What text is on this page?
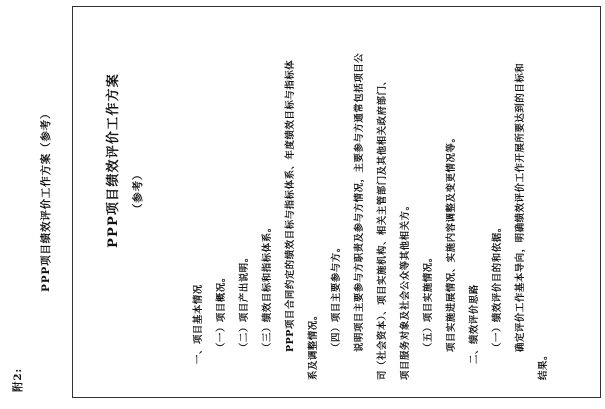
附2:
PPP项目绩效评价工作方案（参考）	PPP项目绩效评价工作方案 （参考）
一、项目基本情况	（一）项目概况。	（二）项目产出说明。	（三）绩效目标和指标体系。	PPP项目合同约定的绩效目标与指标体系、年度绩效目标与指标体	系及调整情况。	（四）项目主要参与方。	说明项目主要参与方职责及参与方情况，主要参与方通常包括项目公	司（社会资本）、项目实施机构、相关主管部门及其他相关政府部门、	项目服务对象及社会公众等其他相关方。	（五）项目实施情况。	项目实施进展情况、实施内容调整及变更情况等。	二、绩效评价思路	（一）绩效评价目的和依据。	确定评价工作基本导向，明确绩效评价工作开展所要达到的目标和
结果。
